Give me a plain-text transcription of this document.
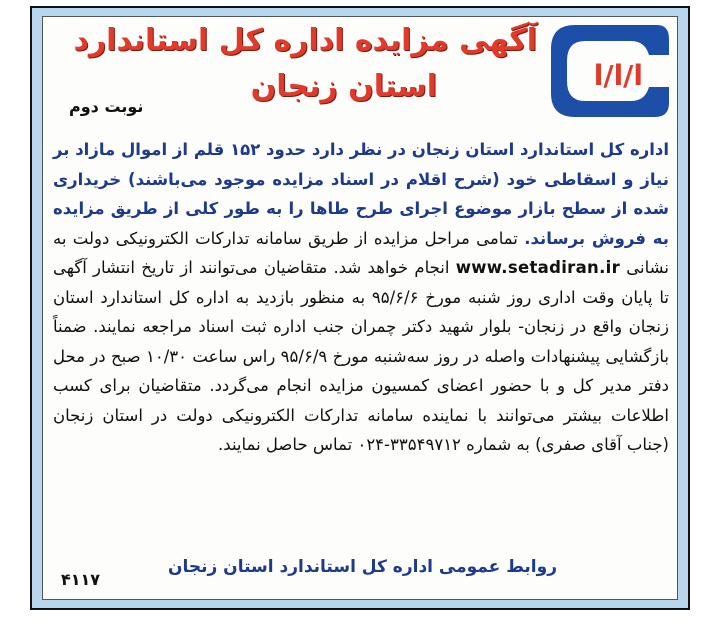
ا/ا/ا
آگهی مزایده اداره کل استاندارد
استان زنجان
نوبت دوم
اداره کل استاندارد استان زنجان در نظر دارد حدود ۱۵۲ قلم از اموال مازاد بر نیاز و اسقاطی خود (شرح اقلام در اسناد مزایده موجود می‌باشند) خریداری شده از سطح بازار موضوع اجرای طرح طاها را به طور کلی از طریق مزایده به فروش برساند. تمامی مراحل مزایده از طریق سامانه تدارکات الکترونیکی دولت به نشانی www.setadiran.ir انجام خواهد شد. متقاضیان می‌توانند از تاریخ انتشار آگهی تا پایان وقت اداری روز شنبه مورخ ۹۵/۶/۶ به منظور بازدید به اداره کل استاندارد استان زنجان واقع در زنجان- بلوار شهید دکتر چمران جنب اداره ثبت اسناد مراجعه نمایند. ضمناً بازگشایی پیشنهادات واصله در روز سه‌شنبه مورخ ۹۵/۶/۹ راس ساعت ۱۰/۳۰ صبح در محل دفتر مدیر کل و با حضور اعضای کمسیون مزایده انجام می‌گردد. متقاضیان برای کسب اطلاعات بیشتر می‌توانند با نماینده سامانه تدارکات الکترونیکی دولت در استان زنجان (جناب آقای صفری) به شماره ۳۳۵۴۹۷۱۲-۰۲۴ تماس حاصل نمایند.
روابط عمومی اداره کل استاندارد استان زنجان
۴۱۱۷
